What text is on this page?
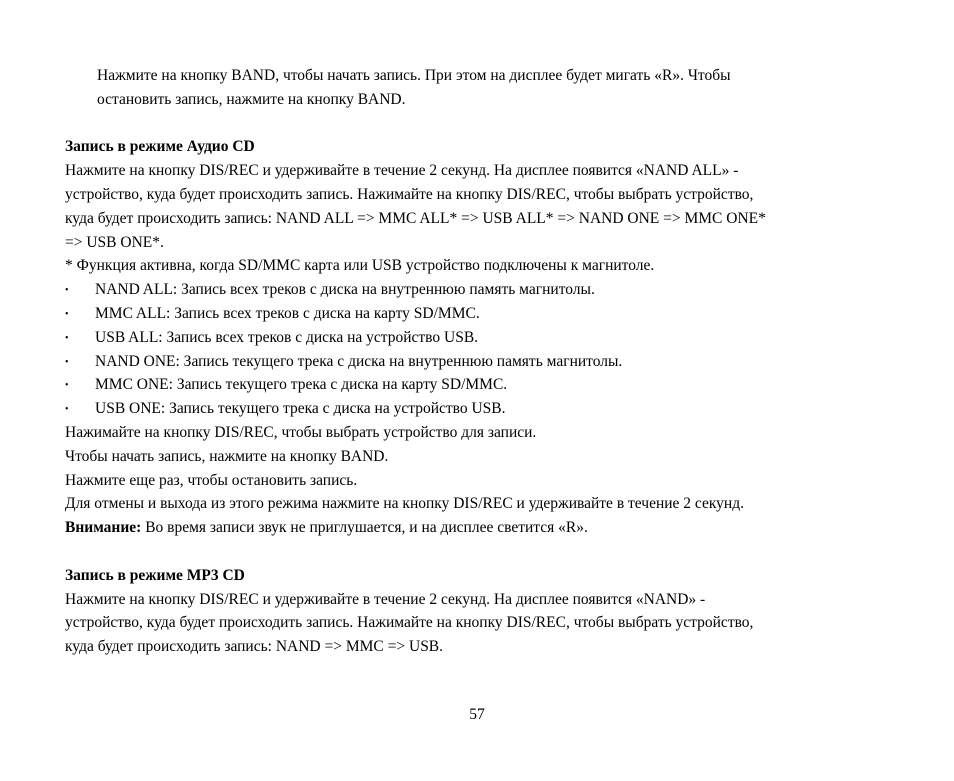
Нажмите на кнопку BAND, чтобы начать запись. При этом на дисплее будет мигать «R». Чтобы
остановить запись, нажмите на кнопку BAND.
Запись в режиме Аудио CD
Нажмите на кнопку DIS/REC и удерживайте в течение 2 секунд. На дисплее появится «NAND ALL» -
устройство, куда будет происходить запись. Нажимайте на кнопку DIS/REC, чтобы выбрать устройство,
куда будет происходить запись: NAND ALL => MMC ALL* => USB ALL* => NAND ONE => MMC ONE*
=> USB ONE*.
* Функция активна, когда SD/MMC карта или USB устройство подключены к магнитоле.
• NAND ALL: Запись всех треков с диска на внутреннюю память магнитолы.
• MMC ALL: Запись всех треков с диска на карту SD/MMC.
• USB ALL: Запись всех треков с диска на устройство USB.
• NAND ONE: Запись текущего трека с диска на внутреннюю память магнитолы.
• MMC ONE: Запись текущего трека с диска на карту SD/MMC.
• USB ONE: Запись текущего трека с диска на устройство USB.
Нажимайте на кнопку DIS/REC, чтобы выбрать устройство для записи.
Чтобы начать запись, нажмите на кнопку BAND.
Нажмите еще раз, чтобы остановить запись.
Для отмены и выхода из этого режима нажмите на кнопку DIS/REC и удерживайте в течение 2 секунд.
Внимание: Во время записи звук не приглушается, и на дисплее светится «R».
Запись в режиме MP3 CD
Нажмите на кнопку DIS/REC и удерживайте в течение 2 секунд. На дисплее появится «NAND» -
устройство, куда будет происходить запись. Нажимайте на кнопку DIS/REC, чтобы выбрать устройство,
куда будет происходить запись: NAND => MMC => USB.
57
